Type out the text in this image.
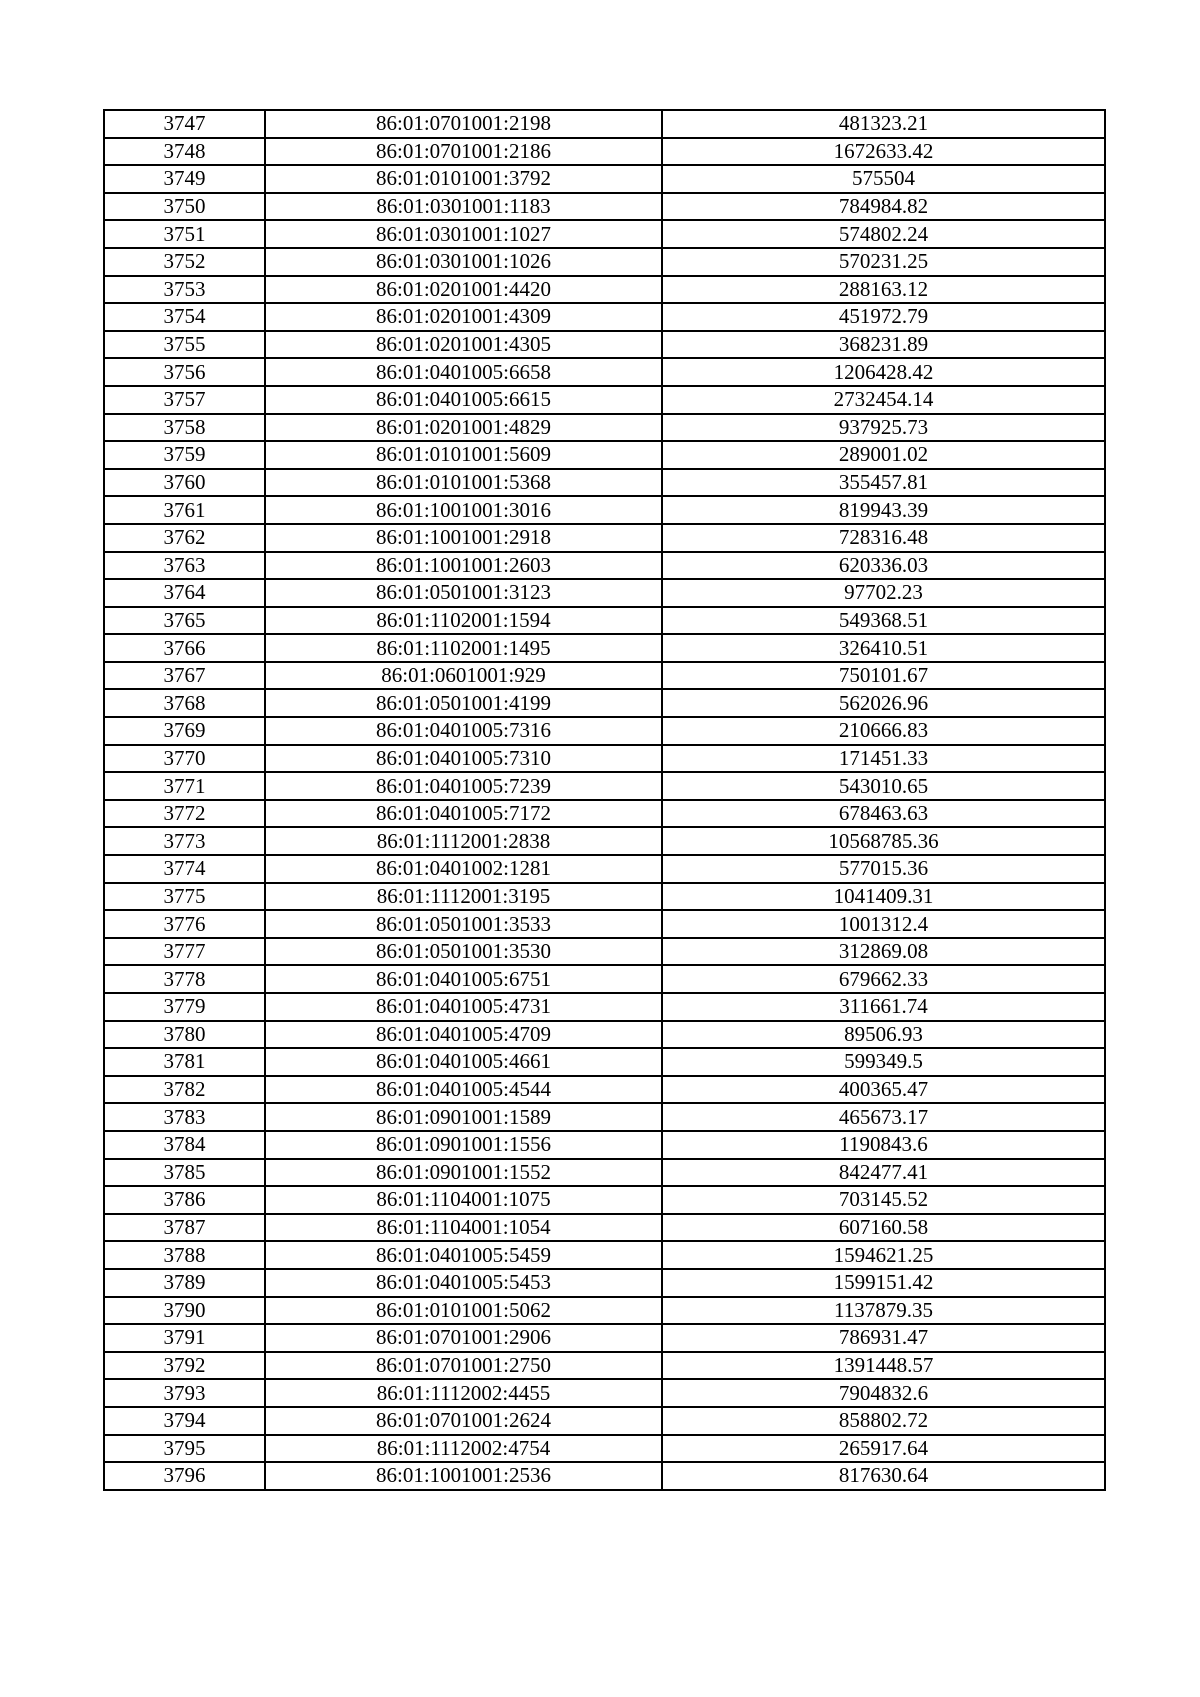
3747	86:01:0701001:2198	481323.21
3748	86:01:0701001:2186	1672633.42
3749	86:01:0101001:3792	575504
3750	86:01:0301001:1183	784984.82
3751	86:01:0301001:1027	574802.24
3752	86:01:0301001:1026	570231.25
3753	86:01:0201001:4420	288163.12
3754	86:01:0201001:4309	451972.79
3755	86:01:0201001:4305	368231.89
3756	86:01:0401005:6658	1206428.42
3757	86:01:0401005:6615	2732454.14
3758	86:01:0201001:4829	937925.73
3759	86:01:0101001:5609	289001.02
3760	86:01:0101001:5368	355457.81
3761	86:01:1001001:3016	819943.39
3762	86:01:1001001:2918	728316.48
3763	86:01:1001001:2603	620336.03
3764	86:01:0501001:3123	97702.23
3765	86:01:1102001:1594	549368.51
3766	86:01:1102001:1495	326410.51
3767	86:01:0601001:929	750101.67
3768	86:01:0501001:4199	562026.96
3769	86:01:0401005:7316	210666.83
3770	86:01:0401005:7310	171451.33
3771	86:01:0401005:7239	543010.65
3772	86:01:0401005:7172	678463.63
3773	86:01:1112001:2838	10568785.36
3774	86:01:0401002:1281	577015.36
3775	86:01:1112001:3195	1041409.31
3776	86:01:0501001:3533	1001312.4
3777	86:01:0501001:3530	312869.08
3778	86:01:0401005:6751	679662.33
3779	86:01:0401005:4731	311661.74
3780	86:01:0401005:4709	89506.93
3781	86:01:0401005:4661	599349.5
3782	86:01:0401005:4544	400365.47
3783	86:01:0901001:1589	465673.17
3784	86:01:0901001:1556	1190843.6
3785	86:01:0901001:1552	842477.41
3786	86:01:1104001:1075	703145.52
3787	86:01:1104001:1054	607160.58
3788	86:01:0401005:5459	1594621.25
3789	86:01:0401005:5453	1599151.42
3790	86:01:0101001:5062	1137879.35
3791	86:01:0701001:2906	786931.47
3792	86:01:0701001:2750	1391448.57
3793	86:01:1112002:4455	7904832.6
3794	86:01:0701001:2624	858802.72
3795	86:01:1112002:4754	265917.64
3796	86:01:1001001:2536	817630.64
